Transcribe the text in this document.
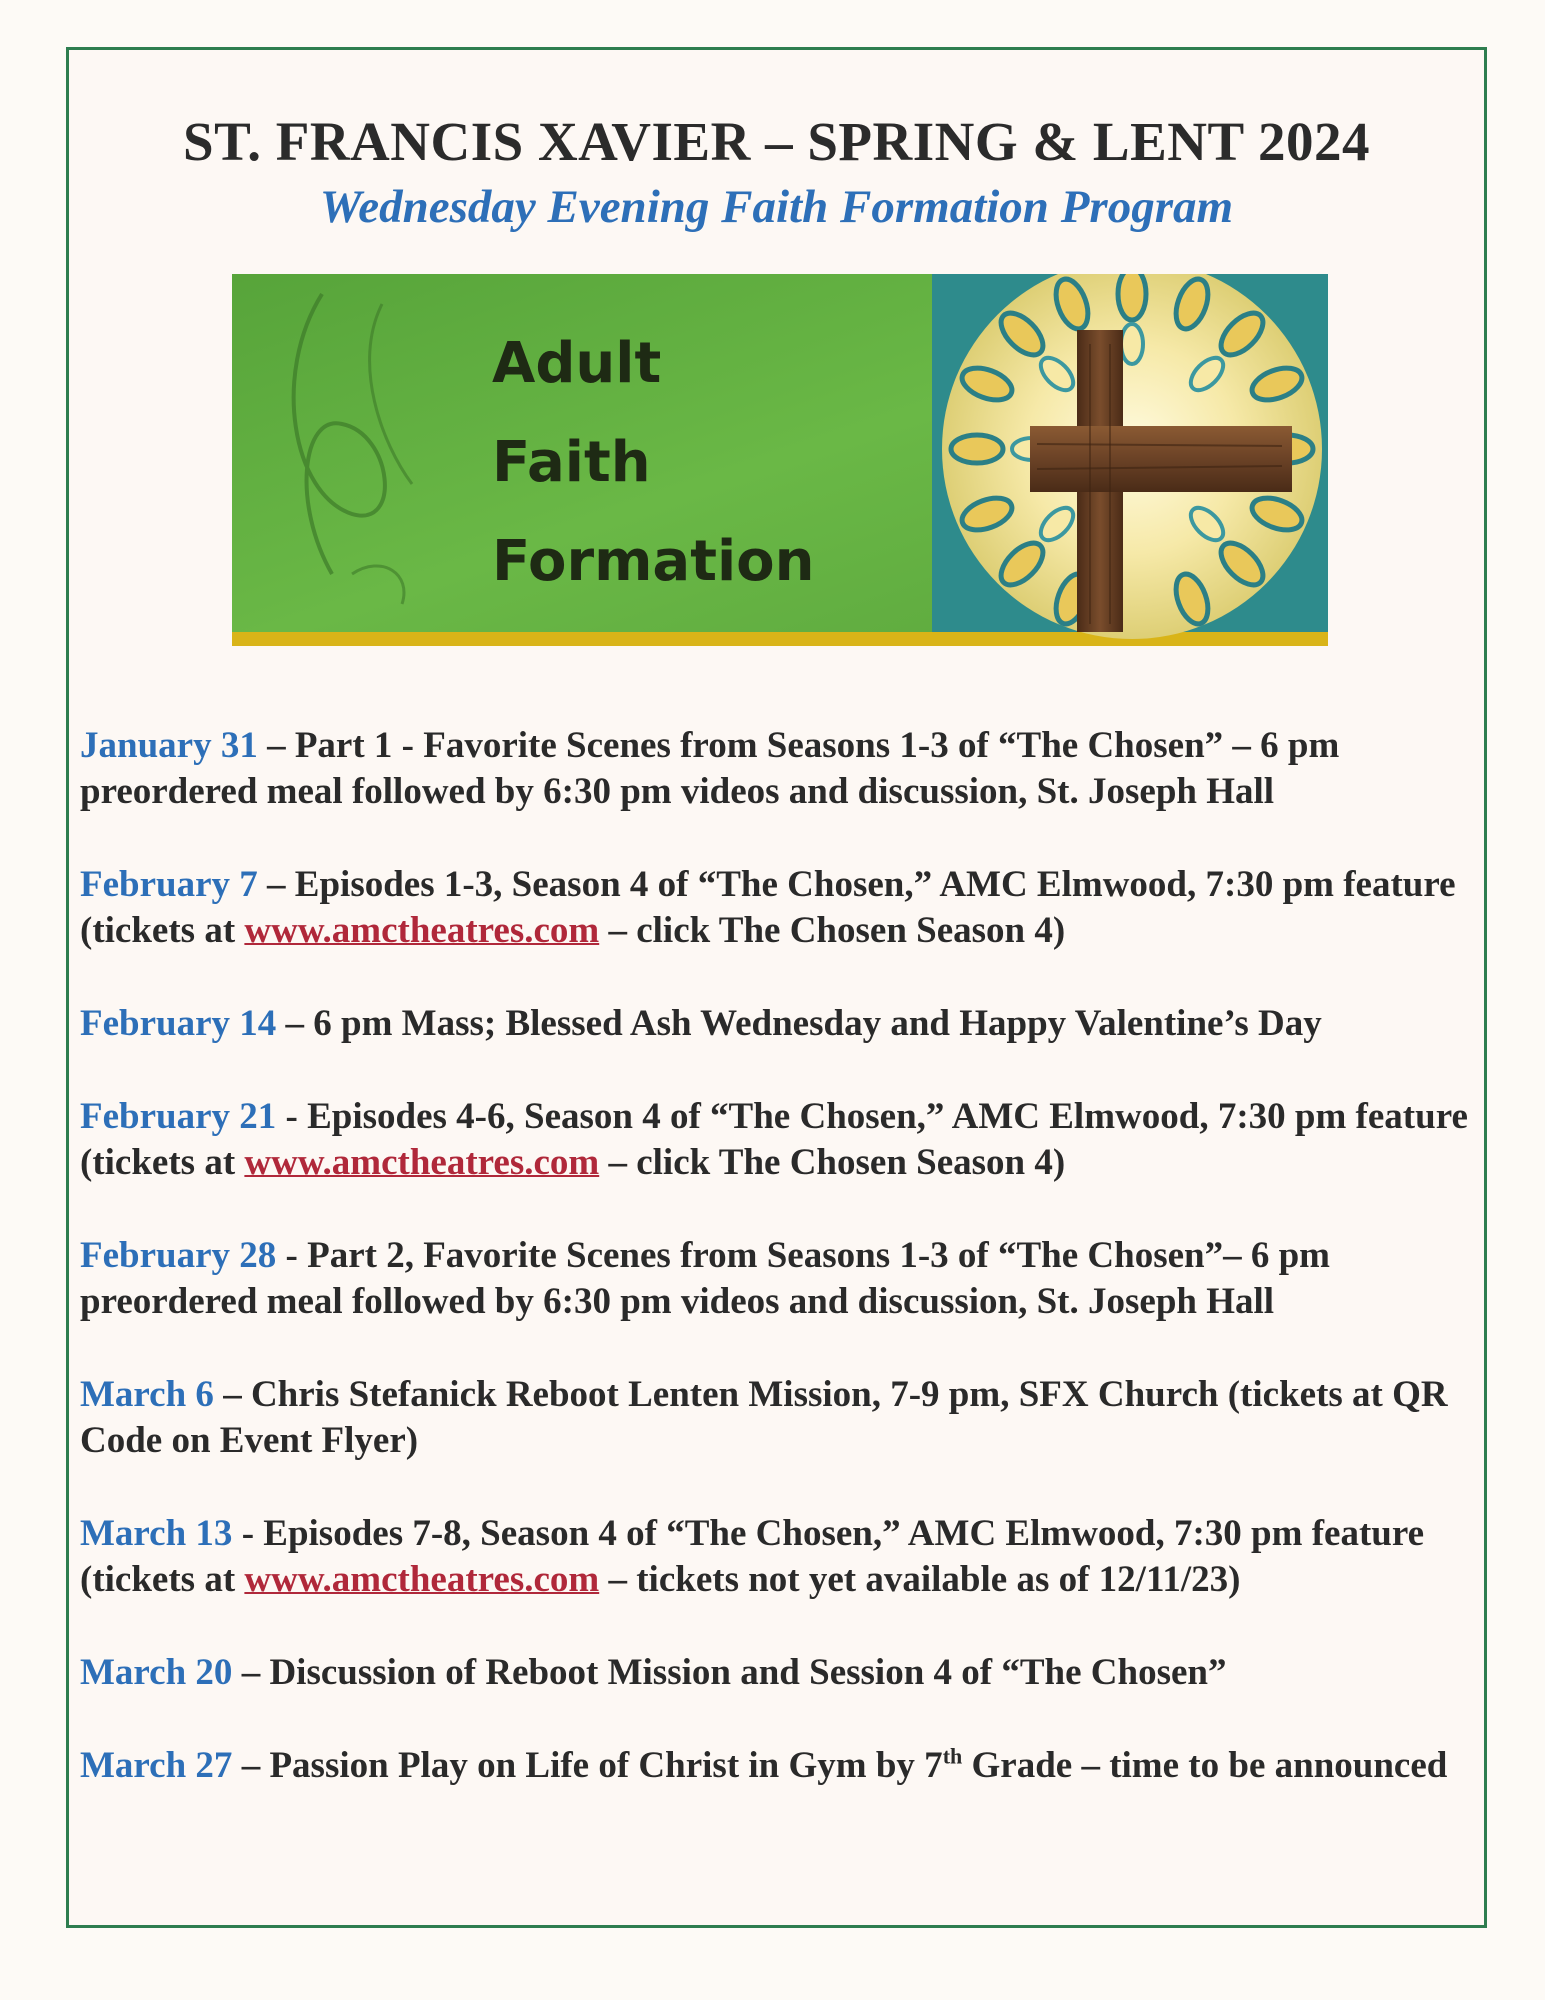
ST. FRANCIS XAVIER – SPRING & LENT 2024
Wednesday Evening Faith Formation Program
Adult
Faith
Formation
January 31 – Part 1 - Favorite Scenes from Seasons 1-3 of “The Chosen” – 6 pm preordered meal followed by 6:30 pm videos and discussion, St. Joseph Hall
February 7 – Episodes 1-3, Season 4 of “The Chosen,” AMC Elmwood, 7:30 pm feature (tickets at www.amctheatres.com – click The Chosen Season 4)
February 14 – 6 pm Mass; Blessed Ash Wednesday and Happy Valentine’s Day
February 21 - Episodes 4-6, Season 4 of “The Chosen,” AMC Elmwood, 7:30 pm feature (tickets at www.amctheatres.com – click The Chosen Season 4)
February 28 - Part 2, Favorite Scenes from Seasons 1-3 of “The Chosen”– 6 pm preordered meal followed by 6:30 pm videos and discussion, St. Joseph Hall
March 6 – Chris Stefanick Reboot Lenten Mission, 7-9 pm, SFX Church (tickets at QR Code on Event Flyer)
March 13 - Episodes 7-8, Season 4 of “The Chosen,” AMC Elmwood, 7:30 pm feature (tickets at www.amctheatres.com – tickets not yet available as of 12/11/23)
March 20 – Discussion of Reboot Mission and Session 4 of “The Chosen”
March 27 – Passion Play on Life of Christ in Gym by 7th Grade – time to be announced
